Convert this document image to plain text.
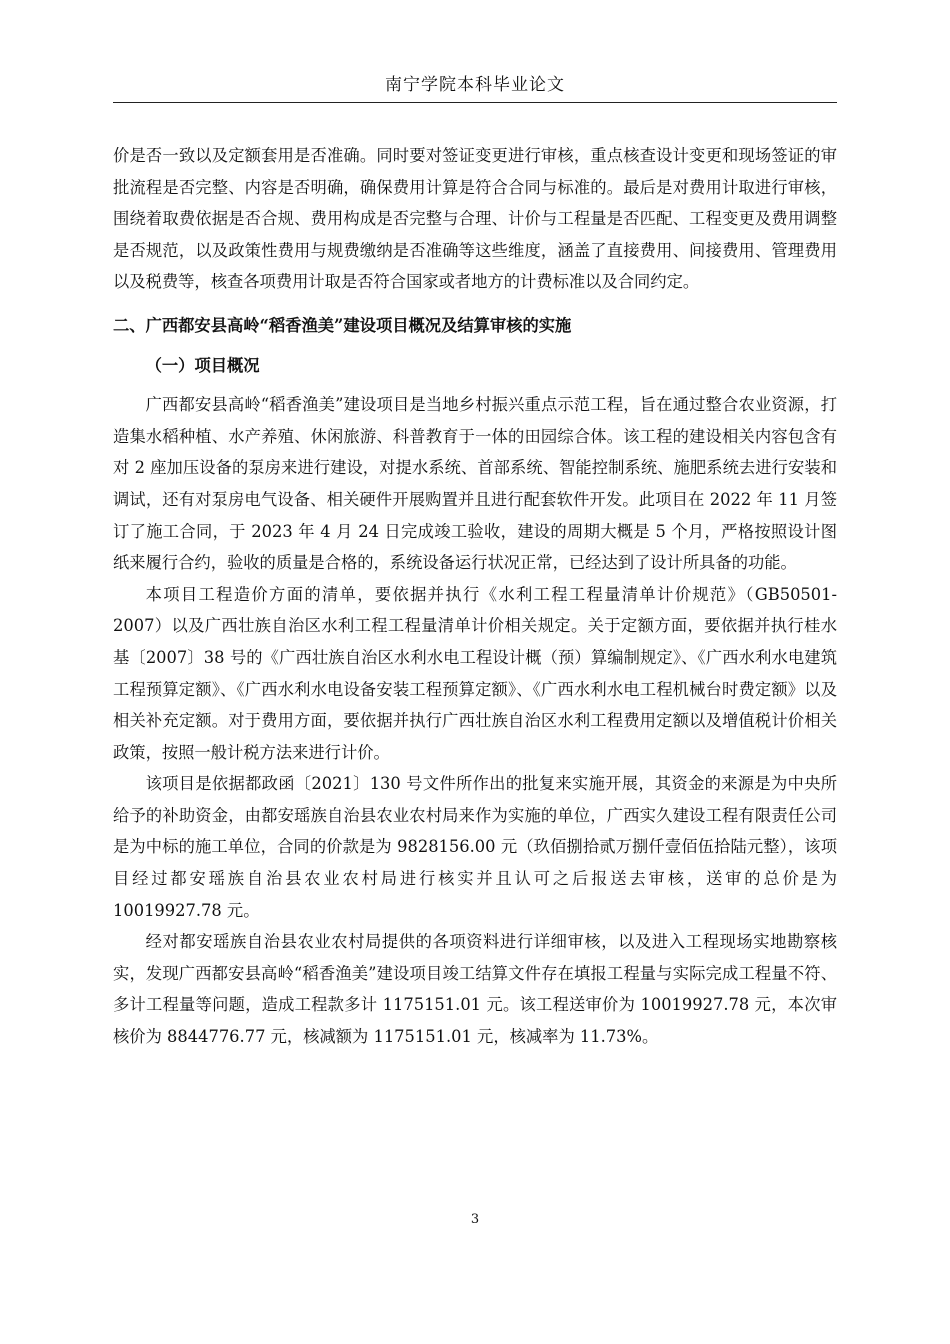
南宁学院本科毕业论文

价是否一致以及定额套用是否准确。同时要对签证变更进行审核，重点核查设计变更和现场签证的审批流程是否完整、内容是否明确，确保费用计算是符合合同与标准的。最后是对费用计取进行审核，围绕着取费依据是否合规、费用构成是否完整与合理、计价与工程量是否匹配、工程变更及费用调整是否规范，以及政策性费用与规费缴纳是否准确等这些维度，涵盖了直接费用、间接费用、管理费用以及税费等，核查各项费用计取是否符合国家或者地方的计费标准以及合同约定。

二、广西都安县高岭“稻香渔美”建设项目概况及结算审核的实施
（一）项目概况

广西都安县高岭“稻香渔美”建设项目是当地乡村振兴重点示范工程，旨在通过整合农业资源，打造集水稻种植、水产养殖、休闲旅游、科普教育于一体的田园综合体。该工程的建设相关内容包含有对 2 座加压设备的泵房来进行建设，对提水系统、首部系统、智能控制系统、施肥系统去进行安装和调试，还有对泵房电气设备、相关硬件开展购置并且进行配套软件开发。此项目在 2022 年 11 月签订了施工合同，于 2023 年 4 月 24 日完成竣工验收，建设的周期大概是 5 个月，严格按照设计图纸来履行合约，验收的质量是合格的，系统设备运行状况正常，已经达到了设计所具备的功能。

本项目工程造价方面的清单，要依据并执行《水利工程工程量清单计价规范》（GB50501-2007）以及广西壮族自治区水利工程工程量清单计价相关规定。关于定额方面，要依据并执行桂水基〔2007〕38 号的《广西壮族自治区水利水电工程设计概（预）算编制规定》、《广西水利水电建筑工程预算定额》、《广西水利水电设备安装工程预算定额》、《广西水利水电工程机械台时费定额》以及相关补充定额。对于费用方面，要依据并执行广西壮族自治区水利工程费用定额以及增值税计价相关政策，按照一般计税方法来进行计价。

该项目是依据都政函〔2021〕130 号文件所作出的批复来实施开展，其资金的来源是为中央所给予的补助资金，由都安瑶族自治县农业农村局来作为实施的单位，广西实久建设工程有限责任公司是为中标的施工单位，合同的价款是为 9828156.00 元（玖佰捌拾贰万捌仟壹佰伍拾陆元整），该项目经过都安瑶族自治县农业农村局进行核实并且认可之后报送去审核，送审的总价是为 10019927.78 元。

经对都安瑶族自治县农业农村局提供的各项资料进行详细审核，以及进入工程现场实地勘察核实，发现广西都安县高岭“稻香渔美”建设项目竣工结算文件存在填报工程量与实际完成工程量不符、多计工程量等问题，造成工程款多计 1175151.01 元。该工程送审价为 10019927.78 元，本次审核价为 8844776.77 元，核减额为 1175151.01 元，核减率为 11.73%。

3
